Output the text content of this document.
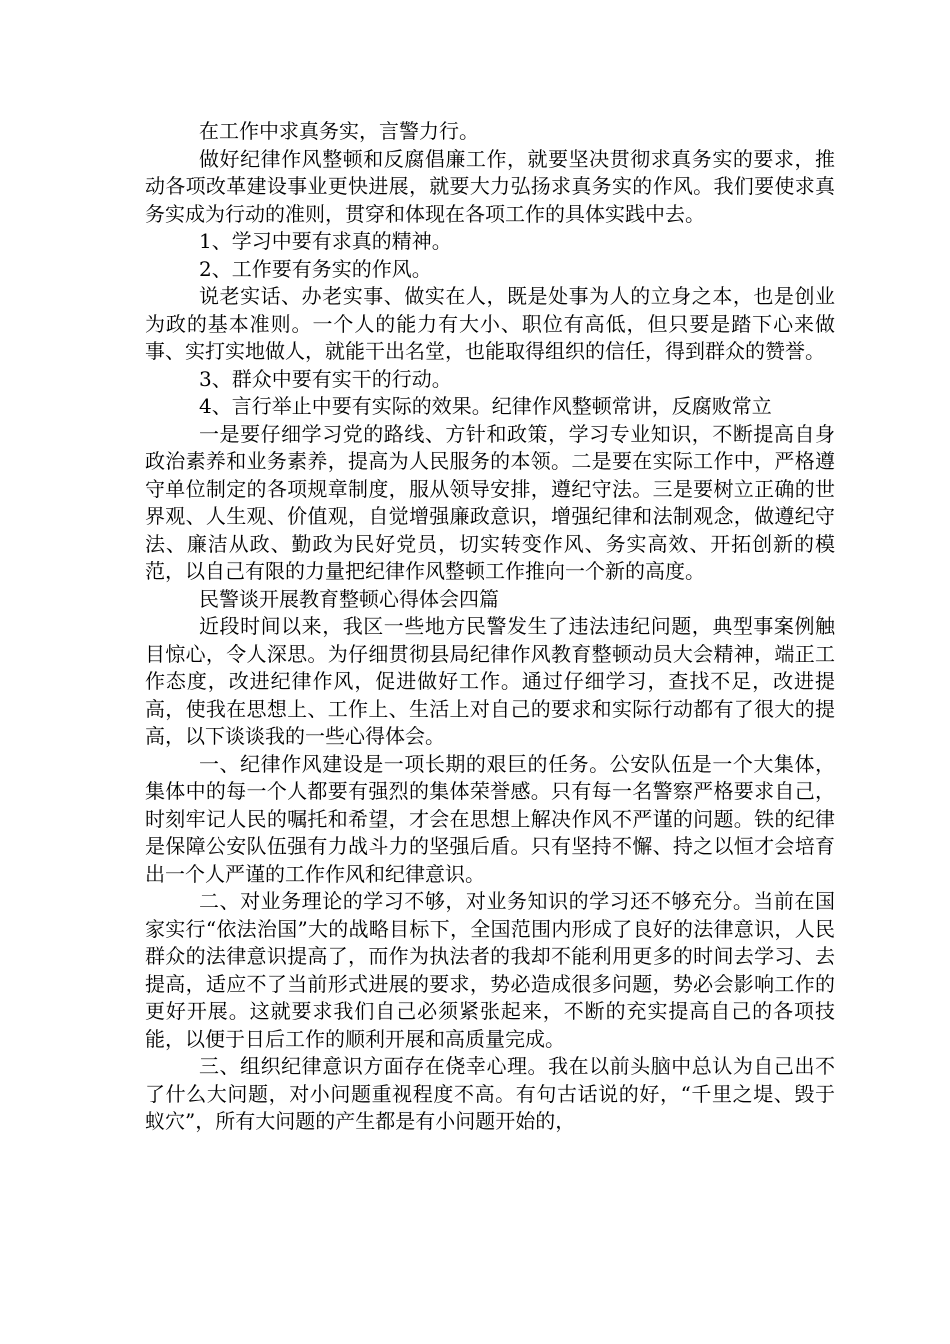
在工作中求真务实，言警力行。

做好纪律作风整顿和反腐倡廉工作，就要坚决贯彻求真务实的要求，推动各项改革建设事业更快进展，就要大力弘扬求真务实的作风。我们要使求真务实成为行动的准则，贯穿和体现在各项工作的具体实践中去。

1、学习中要有求真的精神。

2、工作要有务实的作风。

说老实话、办老实事、做实在人，既是处事为人的立身之本，也是创业为政的基本准则。一个人的能力有大小、职位有高低，但只要是踏下心来做事、实打实地做人，就能干出名堂，也能取得组织的信任，得到群众的赞誉。

3、群众中要有实干的行动。

4、言行举止中要有实际的效果。纪律作风整顿常讲，反腐败常立

一是要仔细学习党的路线、方针和政策，学习专业知识，不断提高自身政治素养和业务素养，提高为人民服务的本领。二是要在实际工作中，严格遵守单位制定的各项规章制度，服从领导安排，遵纪守法。三是要树立正确的世界观、人生观、价值观，自觉增强廉政意识，增强纪律和法制观念，做遵纪守法、廉洁从政、勤政为民好党员，切实转变作风、务实高效、开拓创新的模范，以自己有限的力量把纪律作风整顿工作推向一个新的高度。

民警谈开展教育整顿心得体会四篇

近段时间以来，我区一些地方民警发生了违法违纪问题，典型事案例触目惊心，令人深思。为仔细贯彻县局纪律作风教育整顿动员大会精神，端正工作态度，改进纪律作风，促进做好工作。通过仔细学习，查找不足，改进提高，使我在思想上、工作上、生活上对自己的要求和实际行动都有了很大的提高，以下谈谈我的一些心得体会。

一、纪律作风建设是一项长期的艰巨的任务。公安队伍是一个大集体，集体中的每一个人都要有强烈的集体荣誉感。只有每一名警察严格要求自己，时刻牢记人民的嘱托和希望，才会在思想上解决作风不严谨的问题。铁的纪律是保障公安队伍强有力战斗力的坚强后盾。只有坚持不懈、持之以恒才会培育出一个人严谨的工作作风和纪律意识。

二、对业务理论的学习不够，对业务知识的学习还不够充分。当前在国家实行“依法治国”大的战略目标下，全国范围内形成了良好的法律意识，人民群众的法律意识提高了，而作为执法者的我却不能利用更多的时间去学习、去提高，适应不了当前形式进展的要求，势必造成很多问题，势必会影响工作的更好开展。这就要求我们自己必须紧张起来，不断的充实提高自己的各项技能，以便于日后工作的顺利开展和高质量完成。

三、组织纪律意识方面存在侥幸心理。我在以前头脑中总认为自己出不了什么大问题，对小问题重视程度不高。有句古话说的好，“千里之堤、毁于蚁穴”，所有大问题的产生都是有小问题开始的，
